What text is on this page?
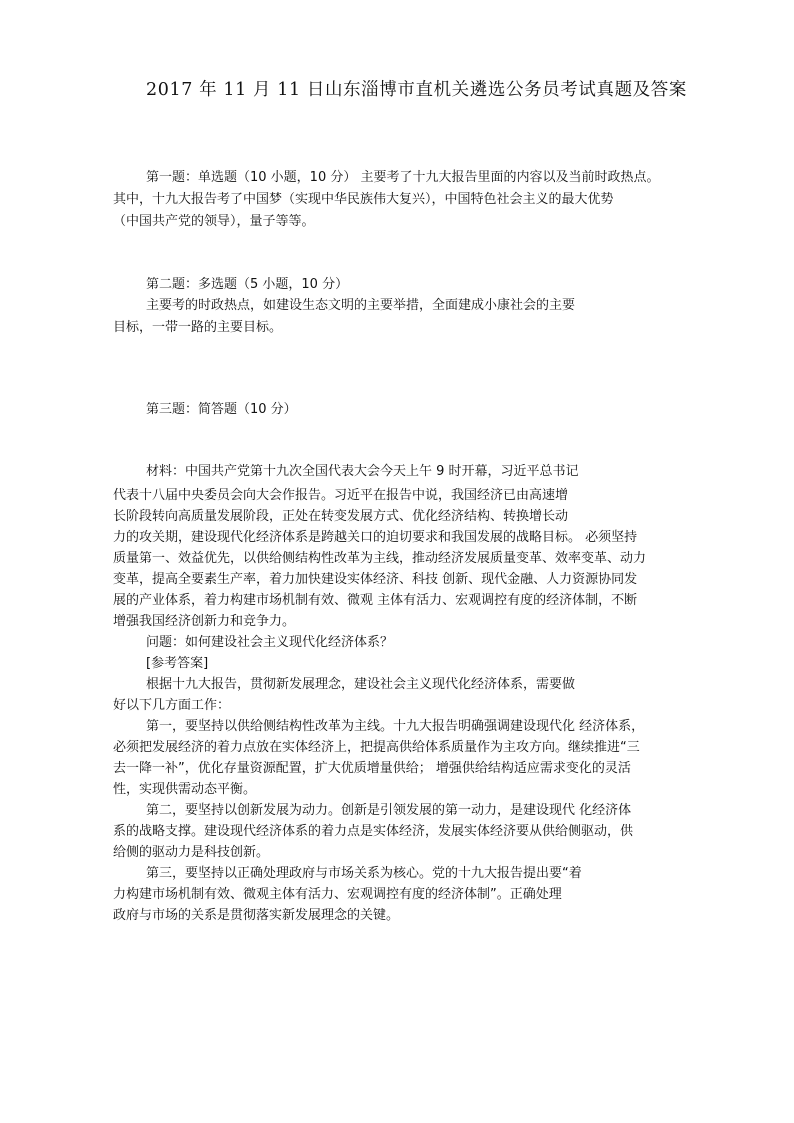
2017 年 11 月 11 日山东淄博市直机关遴选公务员考试真题及答案

第一题：单选题（10 小题，10 分） 主要考了十九大报告里面的内容以及当前时政热点。

其中，十九大报告考了中国梦（实现中华民族伟大复兴），中国特色社会主义的最大优势

（中国共产党的领导），量子等等。

第二题：多选题（5 小题，10 分）

主要考的时政热点，如建设生态文明的主要举措，全面建成小康社会的主要

目标，一带一路的主要目标。

第三题：简答题（10 分）

材料：中国共产党第十九次全国代表大会今天上午 9 时开幕，习近平总书记

代表十八届中央委员会向大会作报告。习近平在报告中说，我国经济已由高速增

长阶段转向高质量发展阶段，正处在转变发展方式、优化经济结构、转换增长动

力的攻关期，建设现代化经济体系是跨越关口的迫切要求和我国发展的战略目标。 必须坚持

质量第一、效益优先，以供给侧结构性改革为主线，推动经济发展质量变革、效率变革、动力

变革，提高全要素生产率，着力加快建设实体经济、科技 创新、现代金融、人力资源协同发

展的产业体系，着力构建市场机制有效、微观 主体有活力、宏观调控有度的经济体制，不断

增强我国经济创新力和竞争力。

问题：如何建设社会主义现代化经济体系？

[参考答案]

根据十九大报告，贯彻新发展理念，建设社会主义现代化经济体系，需要做

好以下几方面工作：

第一，要坚持以供给侧结构性改革为主线。十九大报告明确强调建设现代化 经济体系，

必须把发展经济的着力点放在实体经济上，把提高供给体系质量作为主攻方向。继续推进“三

去一降一补”，优化存量资源配置，扩大优质增量供给； 增强供给结构适应需求变化的灵活

性，实现供需动态平衡。

第二，要坚持以创新发展为动力。创新是引领发展的第一动力，是建设现代 化经济体

系的战略支撑。建设现代经济体系的着力点是实体经济，发展实体经济要从供给侧驱动，供

给侧的驱动力是科技创新。

第三，要坚持以正确处理政府与市场关系为核心。党的十九大报告提出要“着

力构建市场机制有效、微观主体有活力、宏观调控有度的经济体制”。正确处理

政府与市场的关系是贯彻落实新发展理念的关键。
